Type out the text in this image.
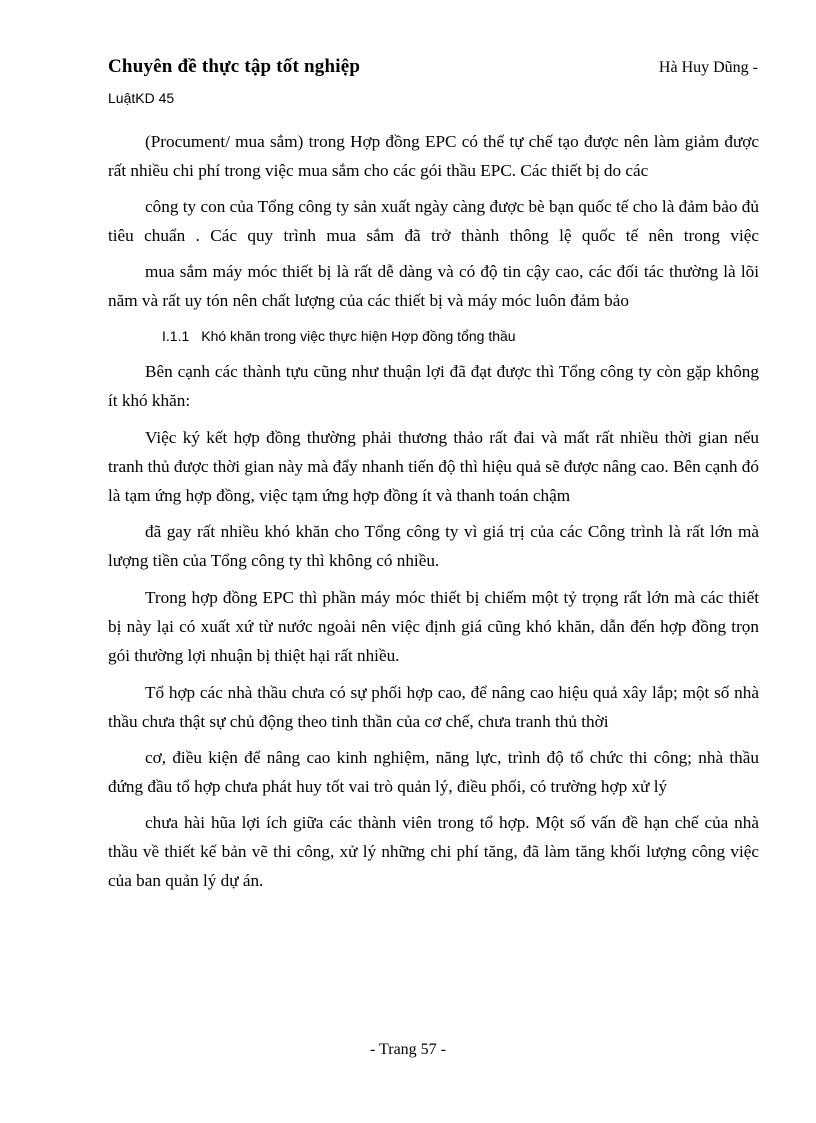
Chuyên đề thực tập tốt nghiệp	Hà Huy Dũng -
LuậtKD 45

(Procument/ mua sắm) trong Hợp đồng EPC có thể tự chế tạo được nên làm giảm được rất nhiều chi phí trong việc mua sắm cho các gói thầu EPC. Các thiết bị do các

công ty con của Tổng công ty sản xuất ngày càng được bè bạn quốc tế cho là đảm bảo đủ tiêu chuẩn . Các quy trình mua sắm đã trở thành thông lệ quốc tế nên trong việc

mua sắm máy móc thiết bị là rất dễ dàng và có độ tin cậy cao, các đối tác thường là lõi năm và rất uy tón nên chất lượng của các thiết bị và máy móc luôn đảm bảo

I.1.1 Khó khăn trong việc thực hiện Hợp đồng tổng thầu

Bên cạnh các thành tựu cũng như thuận lợi đã đạt được thì Tổng công ty còn gặp không ít khó khăn:

Việc ký kết hợp đồng thường phải thương thảo rất đai và mất rất nhiều thời gian nếu tranh thủ được thời gian này mà đẩy nhanh tiến độ thì hiệu quả sẽ được nâng cao. Bên cạnh đó là tạm ứng hợp đồng, việc tạm ứng hợp đồng ít và thanh toán chậm

đã gay rất nhiều khó khăn cho Tổng công ty vì giá trị của các Công trình là rất lớn mà lượng tiền của Tổng công ty thì không có nhiều.

Trong hợp đồng EPC thì phần máy móc thiết bị chiếm một tỷ trọng rất lớn mà các thiết bị này lại có xuất xứ từ nước ngoài nên việc định giá cũng khó khăn, dẫn đến hợp đồng trọn gói thường lợi nhuận bị thiệt hại rất nhiều.

Tổ hợp các nhà thầu chưa có sự phối hợp cao, để nâng cao hiệu quả xây lắp; một số nhà thầu chưa thật sự chủ động theo tinh thần của cơ chế, chưa tranh thủ thời

cơ, điều kiện để nâng cao kinh nghiệm, năng lực, trình độ tổ chức thi công; nhà thầu đứng đầu tổ hợp chưa phát huy tốt vai trò quản lý, điều phối, có trường hợp xử lý

chưa hài hũa lợi ích giữa các thành viên trong tổ hợp. Một số vấn đề hạn chế của nhà thầu về thiết kế bản vẽ thi công, xử lý những chi phí tăng, đã làm tăng khối lượng công việc của ban quản lý dự án.

- Trang 57 -
